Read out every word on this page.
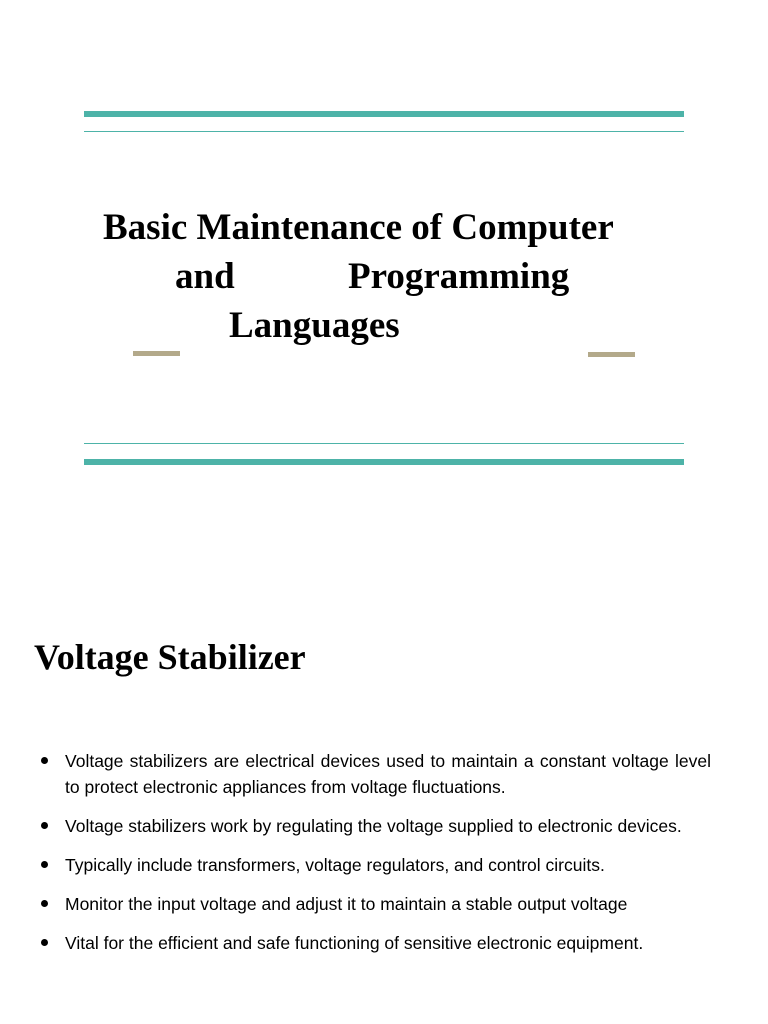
Basic Maintenance of Computer
and	Programming
Languages
Voltage Stabilizer
Voltage stabilizers are electrical devices used to maintain a constant voltage level to protect electronic appliances from voltage fluctuations.
Voltage stabilizers work by regulating the voltage supplied to electronic devices.
Typically include transformers, voltage regulators, and control circuits.
Monitor the input voltage and adjust it to maintain a stable output voltage
Vital for the efficient and safe functioning of sensitive electronic equipment.
